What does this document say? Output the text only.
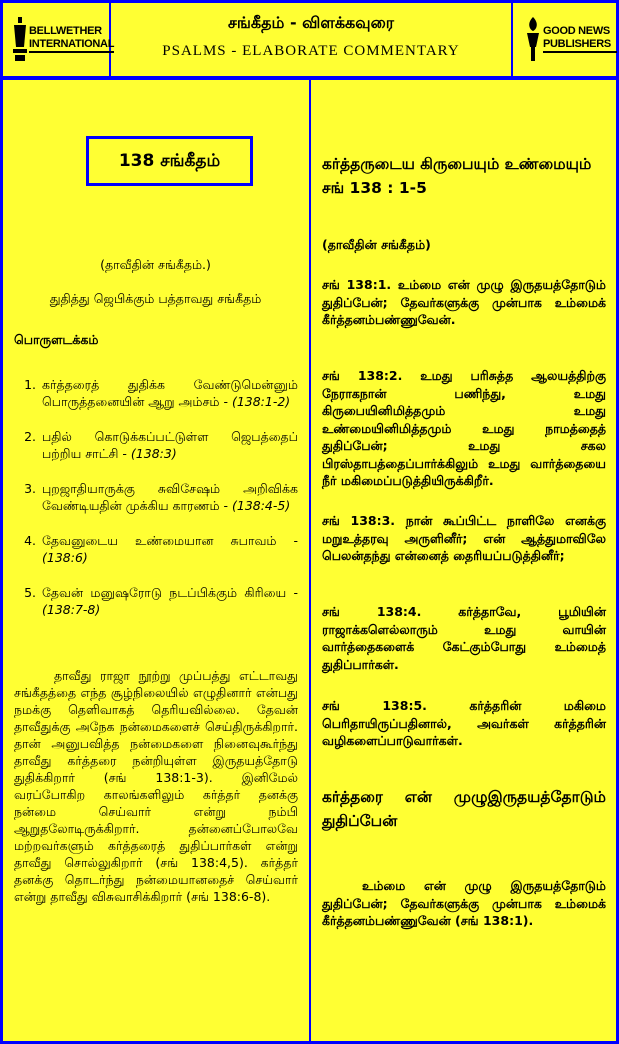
BELLWETHER INTERNATIONAL
சங்கீதம் - விளக்கவுரை
PSALMS - ELABORATE COMMENTARY
GOOD NEWS PUBLISHERS
138 சங்கீதம்
(தாவீதின் சங்கீதம்.)
துதித்து ஜெபிக்கும் பத்தாவது சங்கீதம்
பொருளடக்கம்
1. கர்த்தரைத் துதிக்க வேண்டுமென்னும் பொருத்தனையின் ஆறு அம்சம் - (138:1-2)
2. பதில் கொடுக்கப்பட்டுள்ள ஜெபத்தைப் பற்றிய சாட்சி - (138:3)
3. புறஜாதியாருக்கு சுவிசேஷம் அறிவிக்க வேண்டியதின் முக்கிய காரணம் - (138:4-5)
4. தேவனுடைய உண்மையான சுபாவம் - (138:6)
5. தேவன் மனுஷரோடு நடப்பிக்கும் கிரியை - (138:7-8)
தாவீது ராஜா நூற்று முப்பத்து எட்டாவது சங்கீதத்தை எந்த சூழ்நிலையில் எழுதினார் என்பது நமக்கு தெளிவாகத் தெரியவில்லை. தேவன் தாவீதுக்கு அநேக நன்மைகளைச் செய்திருக்கிறார். தான் அனுபவித்த நன்மைகளை நினைவுகூர்ந்து தாவீது கர்த்தரை நன்றியுள்ள இருதயத்தோடு துதிக்கிறார் (சங் 138:1-3). இனிமேல் வரப்போகிற காலங்களிலும் கர்த்தர் தனக்கு நன்மை செய்வார் என்று நம்பி ஆறுதலோடிருக்கிறார். தன்னைப்போலவே மற்றவர்களும் கர்த்தரைத் துதிப்பார்கள் என்று தாவீது சொல்லுகிறார் (சங் 138:4,5). கர்த்தர் தனக்கு தொடர்ந்து நன்மையானதைச் செய்வார் என்று தாவீது விசுவாசிக்கிறார் (சங் 138:6-8).
கர்த்தருடைய கிருபையும் உண்மையும்
சங் 138 : 1-5
(தாவீதின் சங்கீதம்)
சங் 138:1. உம்மை என் முழு இருதயத்தோடும் துதிப்பேன்; தேவர்களுக்கு முன்பாக உம்மைக் கீர்த்தனம்பண்ணுவேன்.
சங் 138:2. உமது பரிசுத்த ஆலயத்திற்கு நேராகநான் பணிந்து, உமது கிருபையினிமித்தமும் உமது உண்மையினிமித்தமும் உமது நாமத்தைத் துதிப்பேன்; உமது சகல பிரஸ்தாபத்தைப்பார்க்கிலும் உமது வார்த்தையை நீர் மகிமைப்படுத்தியிருக்கிறீர்.
சங் 138:3. நான் கூப்பிட்ட நாளிலே எனக்கு மறுஉத்தரவு அருளினீர்; என் ஆத்துமாவிலே பெலன்தந்து என்னைத் தைரியப்படுத்தினீர்;
சங் 138:4. கர்த்தாவே, பூமியின் ராஜாக்களெல்லாரும் உமது வாயின் வார்த்தைகளைக் கேட்கும்போது உம்மைத் துதிப்பார்கள்.
சங் 138:5. கர்த்தரின் மகிமை பெரிதாயிருப்பதினால், அவர்கள் கர்த்தரின் வழிகளைப்பாடுவார்கள்.
கர்த்தரை என் முழுஇருதயத்தோடும் துதிப்பேன்
உம்மை என் முழு இருதயத்தோடும் துதிப்பேன்; தேவர்களுக்கு முன்பாக உம்மைக் கீர்த்தனம்பண்ணுவேன் (சங் 138:1).
